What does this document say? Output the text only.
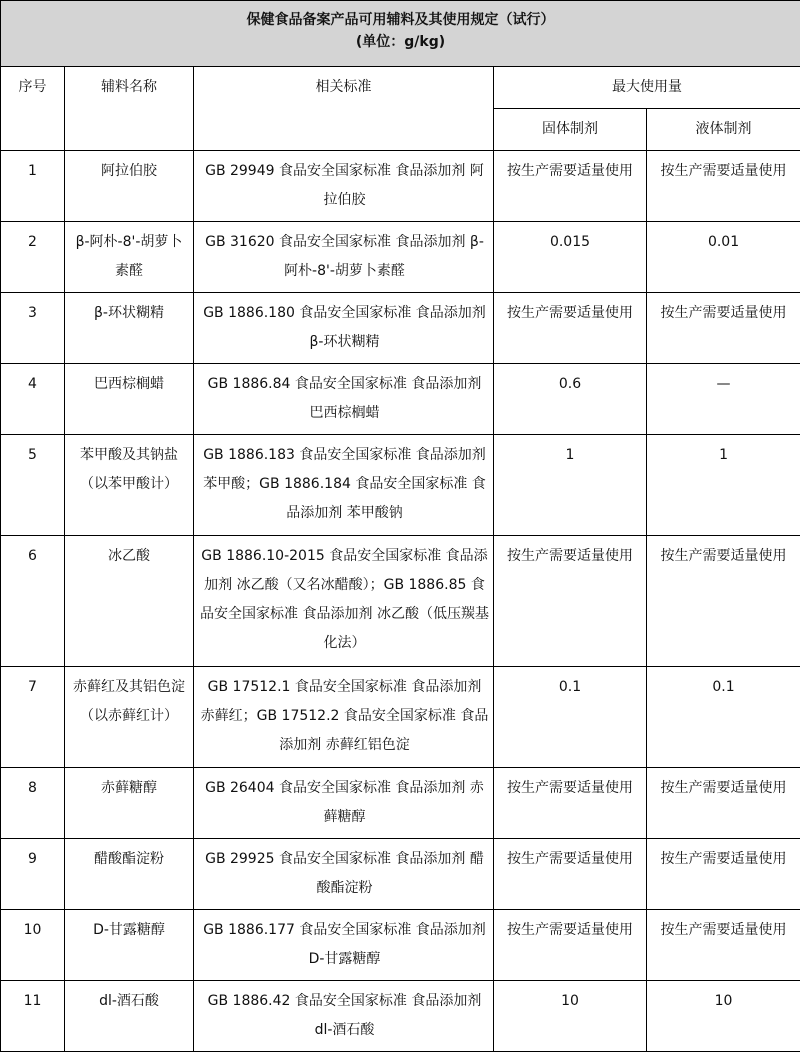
保健食品备案产品可用辅料及其使用规定（试行）
(单位：g/kg)				

序号	辅料名称	相关标准	最大使用量	
			固体制剂	液体制剂
1	阿拉伯胶	GB 29949 食品安全国家标准 食品添加剂 阿拉伯胶	按生产需要适量使用	按生产需要适量使用
2	β-阿朴-8'-胡萝卜素醛	GB 31620 食品安全国家标准 食品添加剂 β-阿朴-8'-胡萝卜素醛	0.015	0.01
3	β-环状糊精	GB 1886.180 食品安全国家标准 食品添加剂 β-环状糊精	按生产需要适量使用	按生产需要适量使用
4	巴西棕榈蜡	GB 1886.84 食品安全国家标准 食品添加剂 巴西棕榈蜡	0.6	—
5	苯甲酸及其钠盐（以苯甲酸计）	GB 1886.183 食品安全国家标准 食品添加剂 苯甲酸；GB 1886.184 食品安全国家标准 食品添加剂 苯甲酸钠	1	1
6	冰乙酸	GB 1886.10-2015 食品安全国家标准 食品添加剂 冰乙酸（又名冰醋酸）；GB 1886.85 食品安全国家标准 食品添加剂 冰乙酸（低压羰基化法）	按生产需要适量使用	按生产需要适量使用
7	赤藓红及其铝色淀（以赤藓红计）	GB 17512.1 食品安全国家标准 食品添加剂 赤藓红；GB 17512.2 食品安全国家标准 食品添加剂 赤藓红铝色淀	0.1	0.1
8	赤藓糖醇	GB 26404 食品安全国家标准 食品添加剂 赤藓糖醇	按生产需要适量使用	按生产需要适量使用
9	醋酸酯淀粉	GB 29925 食品安全国家标准 食品添加剂 醋酸酯淀粉	按生产需要适量使用	按生产需要适量使用
10	D-甘露糖醇	GB 1886.177 食品安全国家标准 食品添加剂 D-甘露糖醇	按生产需要适量使用	按生产需要适量使用
11	dl-酒石酸	GB 1886.42 食品安全国家标准 食品添加剂 dl-酒石酸	10	10
